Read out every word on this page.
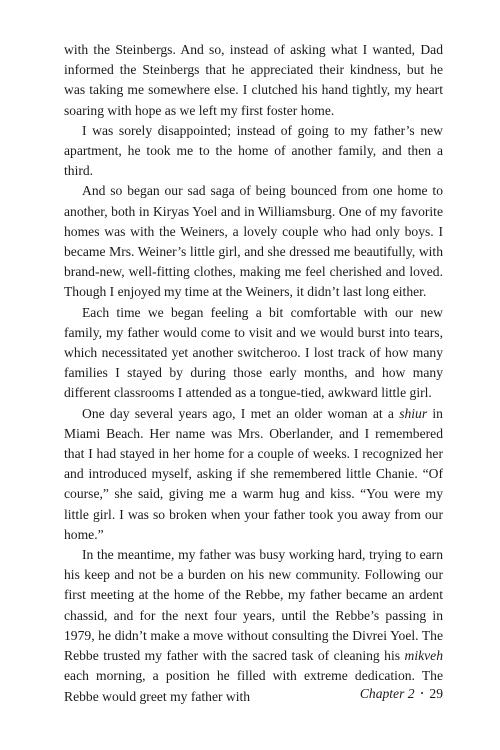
with the Steinbergs. And so, instead of asking what I wanted, Dad informed the Steinbergs that he appreciated their kindness, but he was taking me somewhere else. I clutched his hand tightly, my heart soaring with hope as we left my first foster home.

I was sorely disappointed; instead of going to my father’s new apartment, he took me to the home of another family, and then a third.

And so began our sad saga of being bounced from one home to another, both in Kiryas Yoel and in Williamsburg. One of my favorite homes was with the Weiners, a lovely couple who had only boys. I became Mrs. Weiner’s little girl, and she dressed me beautifully, with brand-new, well-fitting clothes, making me feel cherished and loved. Though I enjoyed my time at the Weiners, it didn’t last long either.

Each time we began feeling a bit comfortable with our new family, my father would come to visit and we would burst into tears, which necessitated yet another switcheroo. I lost track of how many families I stayed by during those early months, and how many different classrooms I attended as a tongue-tied, awkward little girl.

One day several years ago, I met an older woman at a shiur in Miami Beach. Her name was Mrs. Oberlander, and I remembered that I had stayed in her home for a couple of weeks. I recognized her and introduced myself, asking if she remembered little Chanie. “Of course,” she said, giving me a warm hug and kiss. “You were my little girl. I was so broken when your father took you away from our home.”

In the meantime, my father was busy working hard, trying to earn his keep and not be a burden on his new community. Following our first meeting at the home of the Rebbe, my father became an ardent chassid, and for the next four years, until the Rebbe’s passing in 1979, he didn’t make a move without consulting the Divrei Yoel. The Rebbe trusted my father with the sacred task of cleaning his mikveh each morning, a position he filled with extreme dedication. The Rebbe would greet my father with	Chapter 2 • 29
